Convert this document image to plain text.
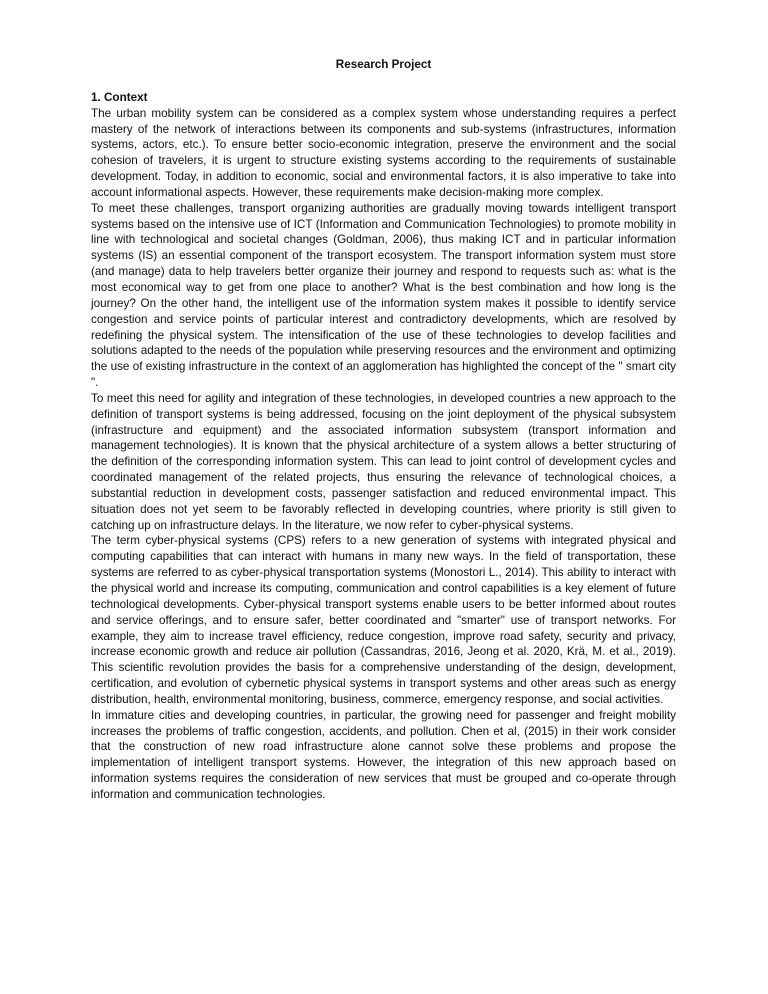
Research Project
1. Context

The urban mobility system can be considered as a complex system whose understanding requires a perfect mastery of the network of interactions between its components and sub-systems (infrastructures, information systems, actors, etc.). To ensure better socio-economic integration, preserve the environment and the social cohesion of travelers, it is urgent to structure existing systems according to the requirements of sustainable development. Today, in addition to economic, social and environmental factors, it is also imperative to take into account informational aspects. However, these requirements make decision-making more complex.

To meet these challenges, transport organizing authorities are gradually moving towards intelligent transport systems based on the intensive use of ICT (Information and Communication Technologies) to promote mobility in line with technological and societal changes (Goldman, 2006), thus making ICT and in particular information systems (IS) an essential component of the transport ecosystem. The transport information system must store (and manage) data to help travelers better organize their journey and respond to requests such as: what is the most economical way to get from one place to another? What is the best combination and how long is the journey? On the other hand, the intelligent use of the information system makes it possible to identify service congestion and service points of particular interest and contradictory developments, which are resolved by redefining the physical system. The intensification of the use of these technologies to develop facilities and solutions adapted to the needs of the population while preserving resources and the environment and optimizing the use of existing infrastructure in the context of an agglomeration has highlighted the concept of the " smart city ".

To meet this need for agility and integration of these technologies, in developed countries a new approach to the definition of transport systems is being addressed, focusing on the joint deployment of the physical subsystem (infrastructure and equipment) and the associated information subsystem (transport information and management technologies). It is known that the physical architecture of a system allows a better structuring of the definition of the corresponding information system. This can lead to joint control of development cycles and coordinated management of the related projects, thus ensuring the relevance of technological choices, a substantial reduction in development costs, passenger satisfaction and reduced environmental impact. This situation does not yet seem to be favorably reflected in developing countries, where priority is still given to catching up on infrastructure delays. In the literature, we now refer to cyber-physical systems.

The term cyber-physical systems (CPS) refers to a new generation of systems with integrated physical and computing capabilities that can interact with humans in many new ways. In the field of transportation, these systems are referred to as cyber-physical transportation systems (Monostori L., 2014). This ability to interact with the physical world and increase its computing, communication and control capabilities is a key element of future technological developments. Cyber-physical transport systems enable users to be better informed about routes and service offerings, and to ensure safer, better coordinated and "smarter" use of transport networks. For example, they aim to increase travel efficiency, reduce congestion, improve road safety, security and privacy, increase economic growth and reduce air pollution (Cassandras, 2016, Jeong et al. 2020, Krä, M. et al., 2019). This scientific revolution provides the basis for a comprehensive understanding of the design, development, certification, and evolution of cybernetic physical systems in transport systems and other areas such as energy distribution, health, environmental monitoring, business, commerce, emergency response, and social activities.

In immature cities and developing countries, in particular, the growing need for passenger and freight mobility increases the problems of traffic congestion, accidents, and pollution. Chen et al, (2015) in their work consider that the construction of new road infrastructure alone cannot solve these problems and propose the implementation of intelligent transport systems. However, the integration of this new approach based on information systems requires the consideration of new services that must be grouped and co-operate through information and communication technologies.
